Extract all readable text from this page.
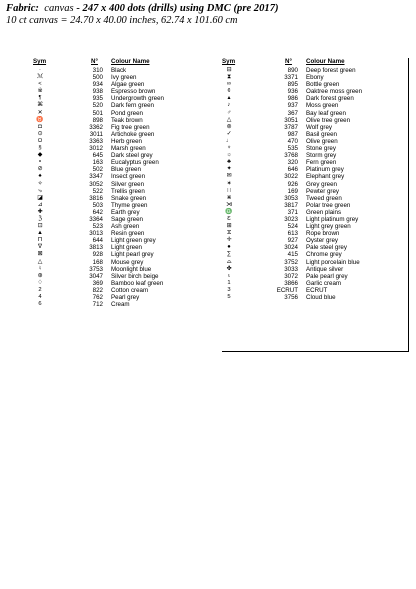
Fabric: canvas - 247 x 400 dots (drills) using DMC (pre 2017)
10 ct canvas = 24.70 x 40.00 inches, 62.74 x 101.60 cm
Sym	N° Colour Name
·	310 Black
ℳ	500 Ivy green
<	934 Algae green
※	938 Espresso brown
¶	935 Undergrowth green
⌘	520 Dark fern green
✕	501 Pond green
♉	898 Teak brown
◘	3362 Fig tree green
⊙	3011 Artichoke green
Ω	3363 Herb green
§	3012 Marsh green
◆	645 Dark steel grey
∘	163 Eucalyptus green
⊘	502 Blue green
♠	3347 Insect green
✧	3052 Silver green
⤷	522 Trellis green
◪	3816 Snake green
⊿	503 Thyme green
✚	642 Earth grey
ℨ	3364 Sage green
⊡	523 Ash green
▲	3013 Resin green
Π	644 Light green grey
∇	3813 Light green
⊠	928 Light pearl grey
△	168 Mouse grey
♮	3753 Moonlight blue
⊛	3047 Silver birch beige
♢	369 Bamboo leaf green
2	822 Cotton cream
4	762 Pearl grey
6	712 Cream
Sym	N° Colour Name
⊟	890 Deep forest green
⧗	3371 Ebony
∞	895 Bottle green
¢	936 Oaktree moss green
▴	986 Dark forest green
♪	937 Moss green
♂	367 Bay leaf green
△	3051 Olive tree green
⊚	3787 Wolf grey
✓	987 Basil green
♩	470 Olive green
♆	535 Stone grey
☼	3768 Storm grey
♣	320 Fern green
✦	646 Platinum grey
✉	3022 Elephant grey
✶	926 Grey green
∷	169 Pewter grey
⋇	3053 Tweed green
⋊	3817 Polar tree green
♎	371 Green plains
Ɛ	3023 Light platinum grey
⊞	524 Light grey green
⧖	613 Rope brown
✛	927 Oyster grey
●	3024 Pale steel grey
∑	415 Chrome grey
⌓	3752 Light porcelain blue
✤	3033 Antique silver
ɩ	3072 Pale pearl grey
1	3866 Garlic cream
3	ECRUT ECRUT
5	3756 Cloud blue
